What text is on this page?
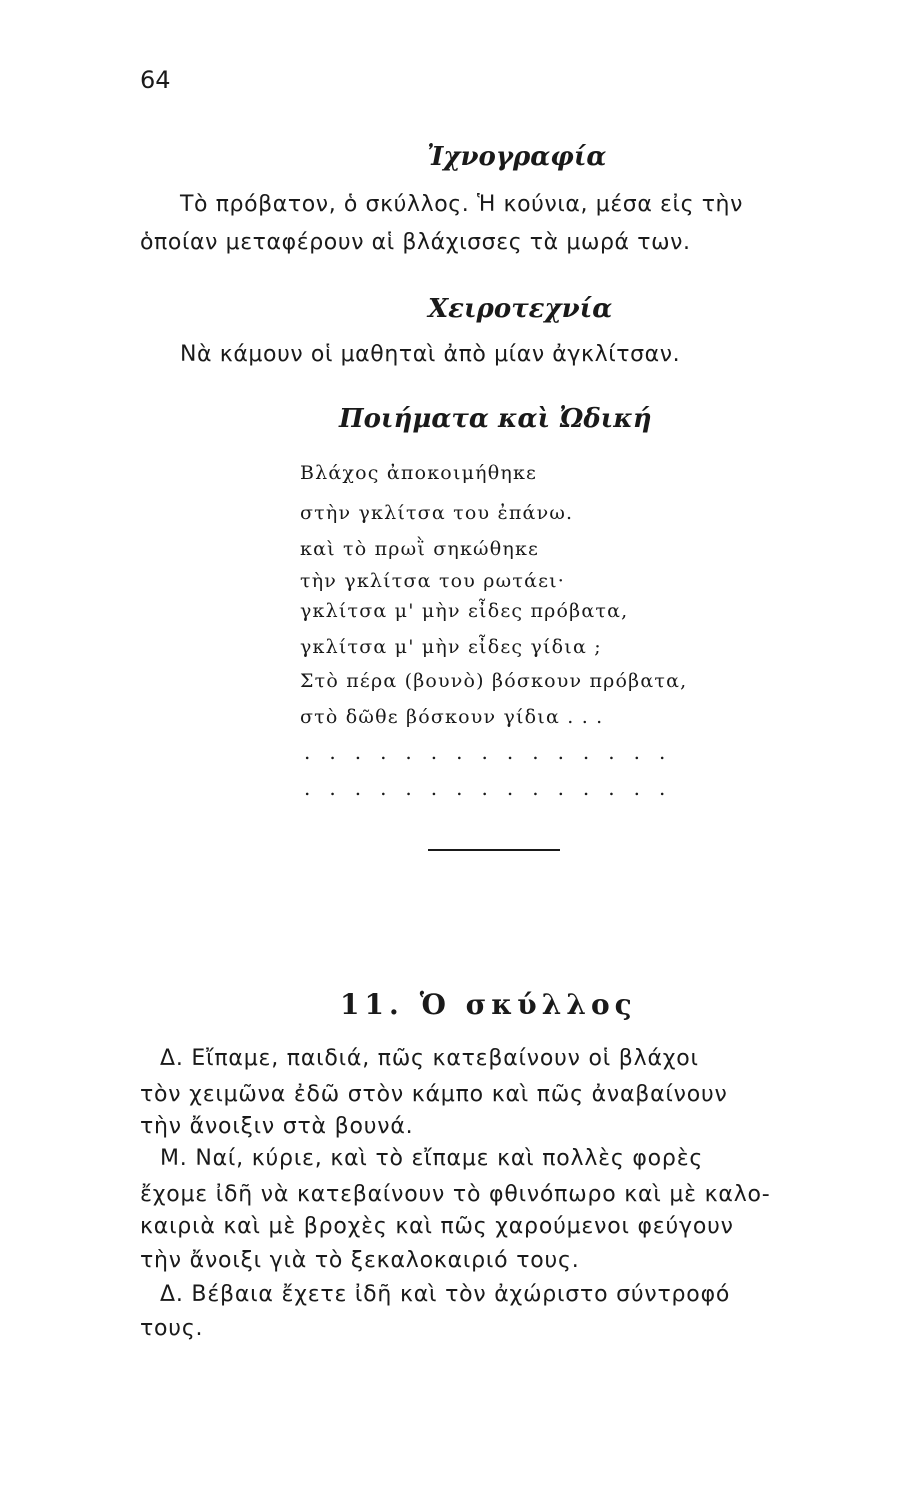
64
Ἰχνογραφία
Τὸ πρόβατον, ὁ σκύλλος. Ἡ κούνια, μέσα εἰς τὴν
ὁποίαν μεταφέρουν αἱ βλάχισσες τὰ μωρά των.
Χειροτεχνία
Νὰ κάμουν οἱ μαθηταὶ ἀπὸ μίαν ἀγκλίτσαν.
Ποιήματα καὶ Ὠδική
Βλάχος ἀποκοιμήθηκε
στὴν γκλίτσα του ἐπάνω.
καὶ τὸ πρωῒ σηκώθηκε
τὴν γκλίτσα του ρωτάει·
γκλίτσα μ' μὴν εἶδες πρόβατα,
γκλίτσα μ' μὴν εἶδες γίδια ;
Στὸ πέρα (βουνὸ) βόσκουν πρόβατα,
στὸ δῶθε βόσκουν γίδια . . .
...............
...............
11. Ὁ σκύλλος
Δ. Εἴπαμε, παιδιά, πῶς κατεβαίνουν οἱ βλάχοι
τὸν χειμῶνα ἐδῶ στὸν κάμπο καὶ πῶς ἀναβαίνουν
τὴν ἄνοιξιν στὰ βουνά.
Μ. Ναί, κύριε, καὶ τὸ εἴπαμε καὶ πολλὲς φορὲς
ἔχομε ἰδῆ νὰ κατεβαίνουν τὸ φθινόπωρο καὶ μὲ καλο-
καιριὰ καὶ μὲ βροχὲς καὶ πῶς χαρούμενοι φεύγουν
τὴν ἄνοιξι γιὰ τὸ ξεκαλοκαιριό τους.
Δ. Βέβαια ἔχετε ἰδῆ καὶ τὸν ἀχώριστο σύντροφό
τους.
